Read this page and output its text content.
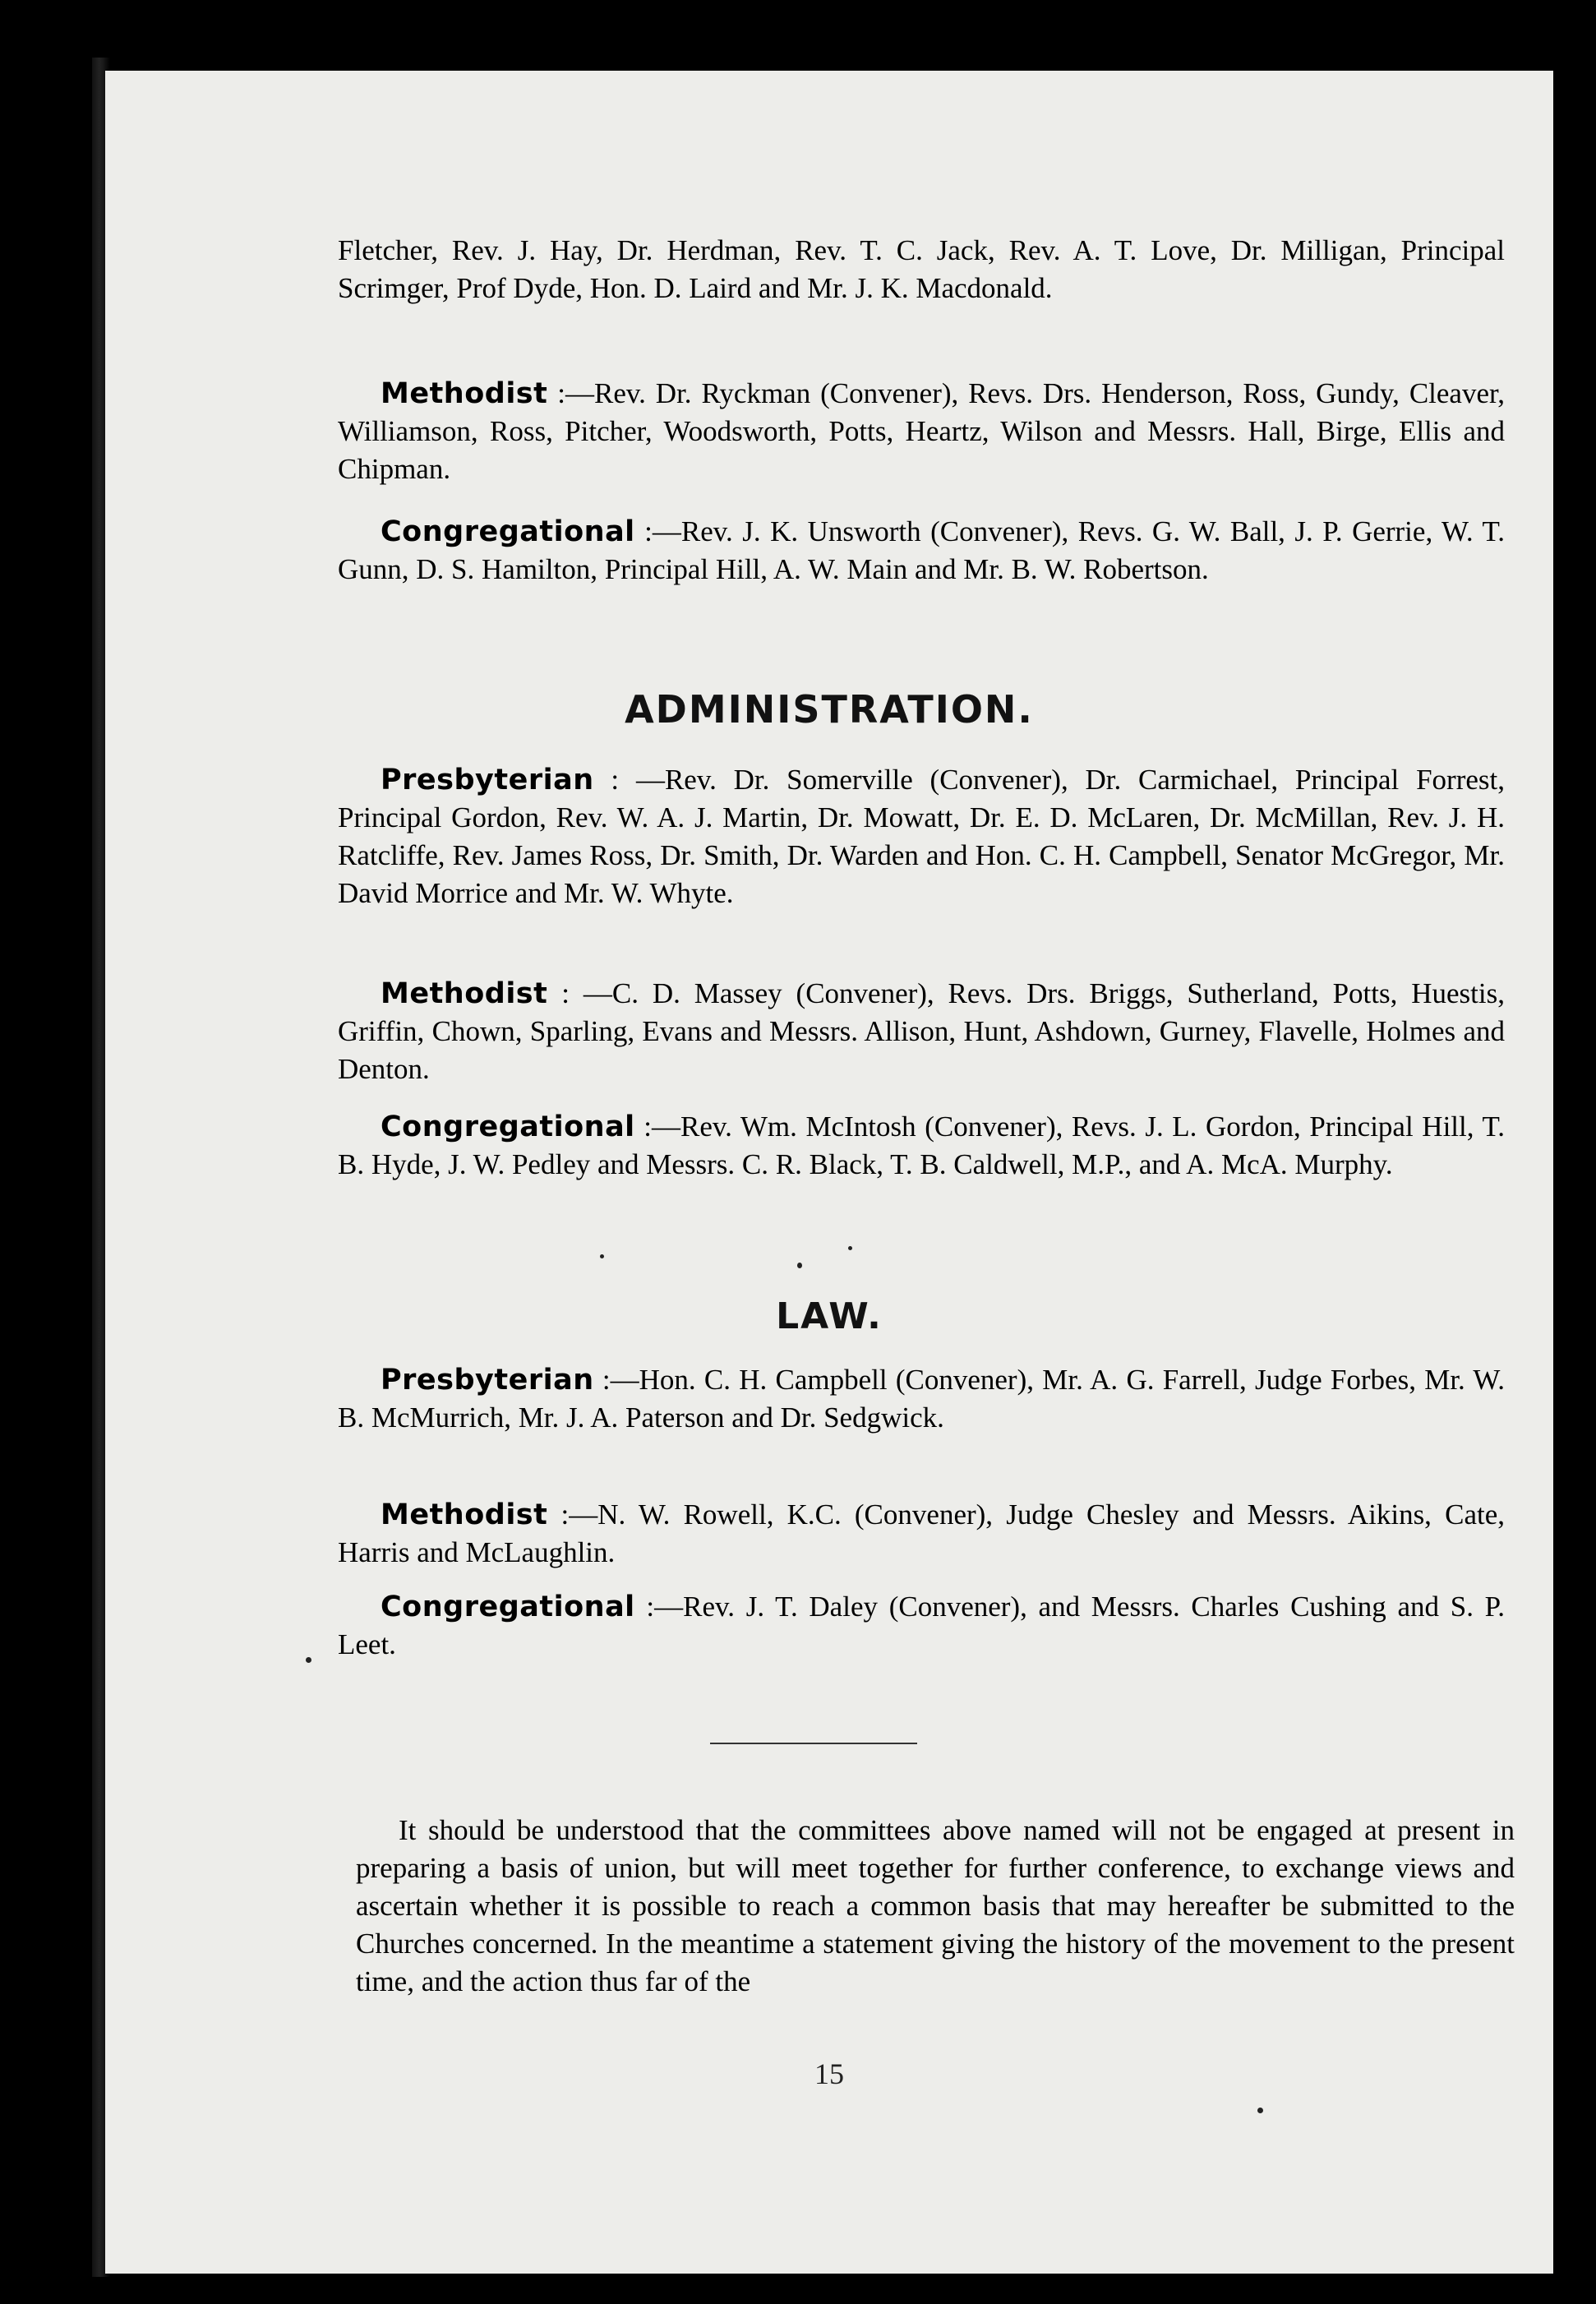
Fletcher, Rev. J. Hay, Dr. Herdman, Rev. T. C. Jack, Rev. A. T. Love, Dr. Milligan, Principal Scrimger, Prof Dyde, Hon. D. Laird and Mr. J. K. Macdonald.

Methodist :—Rev. Dr. Ryckman (Convener), Revs. Drs. Henderson, Ross, Gundy, Cleaver, Williamson, Ross, Pitcher, Woodsworth, Potts, Heartz, Wilson and Messrs. Hall, Birge, Ellis and Chipman.

Congregational :—Rev. J. K. Unsworth (Convener), Revs. G. W. Ball, J. P. Gerrie, W. T. Gunn, D. S. Hamilton, Principal Hill, A. W. Main and Mr. B. W. Robertson.

ADMINISTRATION.

Presbyterian : —Rev. Dr. Somerville (Convener), Dr. Carmichael, Principal Forrest, Principal Gordon, Rev. W. A. J. Martin, Dr. Mowatt, Dr. E. D. McLaren, Dr. McMillan, Rev. J. H. Ratcliffe, Rev. James Ross, Dr. Smith, Dr. Warden and Hon. C. H. Campbell, Senator McGregor, Mr. David Morrice and Mr. W. Whyte.

Methodist : —C. D. Massey (Convener), Revs. Drs. Briggs, Sutherland, Potts, Huestis, Griffin, Chown, Sparling, Evans and Messrs. Allison, Hunt, Ashdown, Gurney, Flavelle, Holmes and Denton.

Congregational :—Rev. Wm. McIntosh (Convener), Revs. J. L. Gordon, Principal Hill, T. B. Hyde, J. W. Pedley and Messrs. C. R. Black, T. B. Caldwell, M.P., and A. McA. Murphy.

LAW.

Presbyterian :—Hon. C. H. Campbell (Convener), Mr. A. G. Farrell, Judge Forbes, Mr. W. B. McMurrich, Mr. J. A. Paterson and Dr. Sedgwick.

Methodist :—N. W. Rowell, K.C. (Convener), Judge Chesley and Messrs. Aikins, Cate, Harris and McLaughlin.

Congregational :—Rev. J. T. Daley (Convener), and Messrs. Charles Cushing and S. P. Leet.

It should be understood that the committees above named will not be engaged at present in preparing a basis of union, but will meet together for further conference, to exchange views and ascertain whether it is possible to reach a common basis that may hereafter be submitted to the Churches concerned. In the meantime a statement giving the history of the movement to the present time, and the action thus far of the

15
